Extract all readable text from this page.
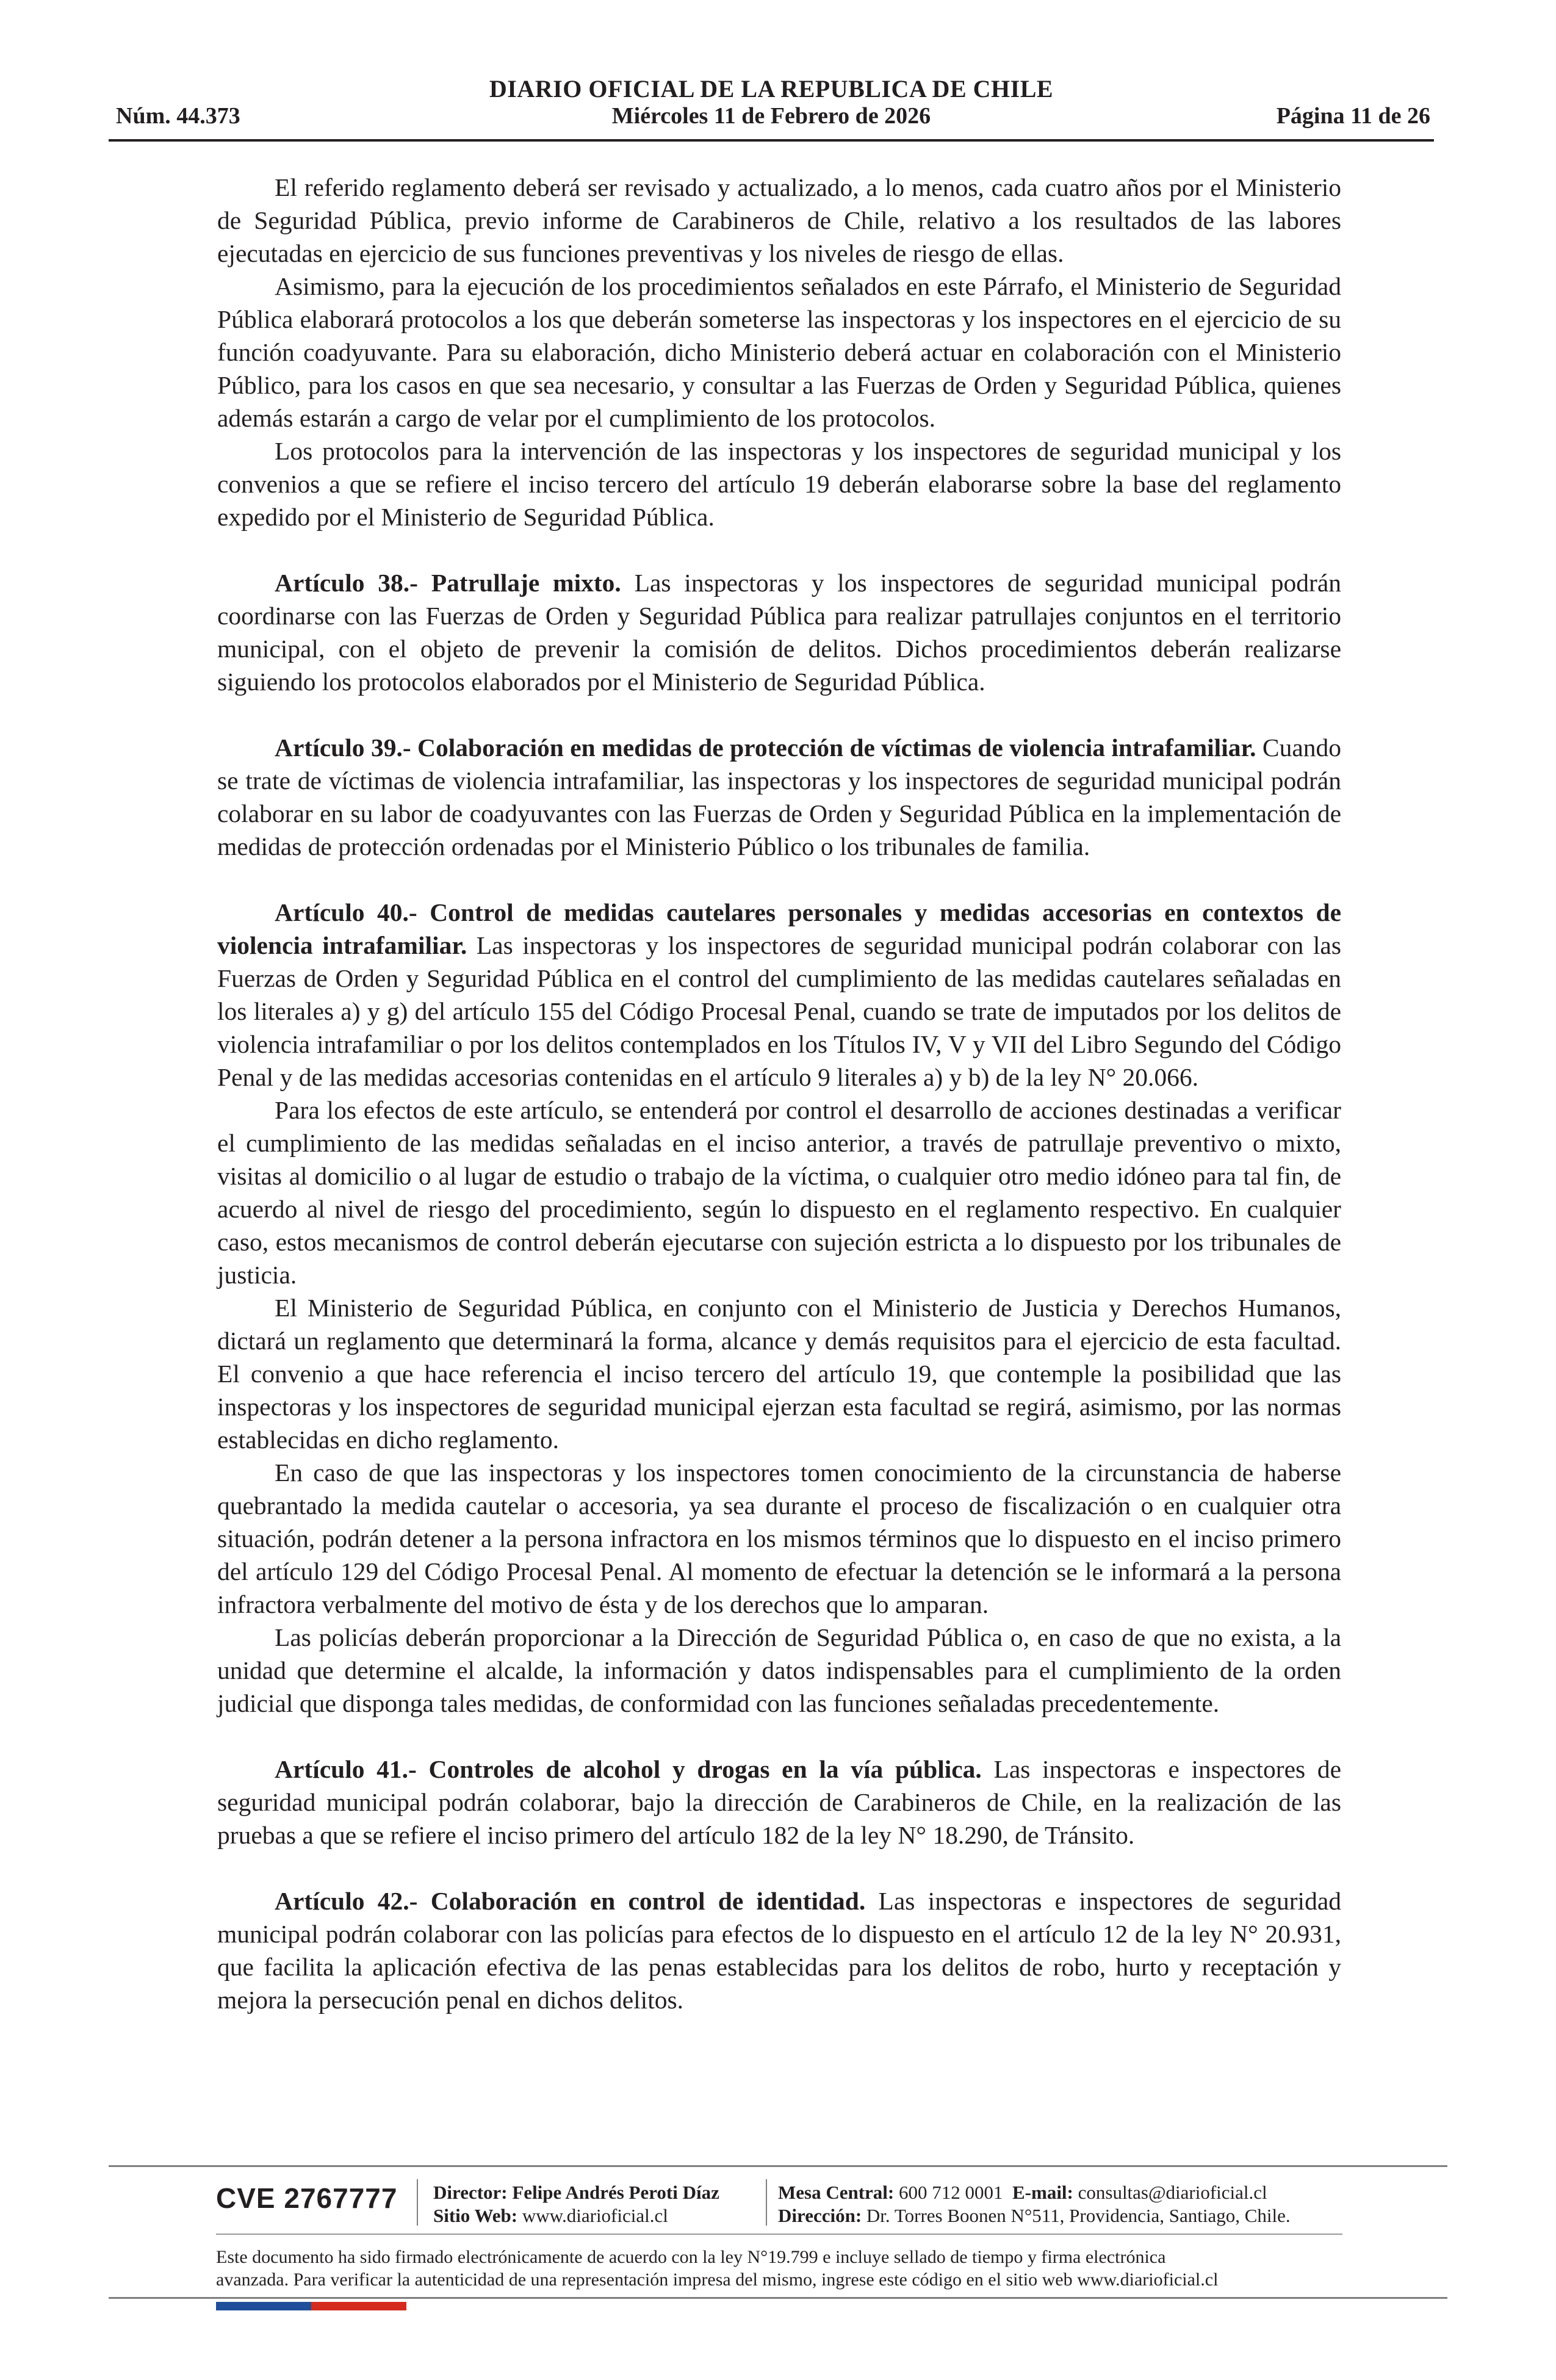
Núm. 44.373
DIARIO OFICIAL DE LA REPUBLICA DE CHILE
Miércoles 11 de Febrero de 2026	Página 11 de 26

El referido reglamento deberá ser revisado y actualizado, a lo menos, cada cuatro años por el Ministerio de Seguridad Pública, previo informe de Carabineros de Chile, relativo a los resultados de las labores ejecutadas en ejercicio de sus funciones preventivas y los niveles de riesgo de ellas.

Asimismo, para la ejecución de los procedimientos señalados en este Párrafo, el Ministerio de Seguridad Pública elaborará protocolos a los que deberán someterse las inspectoras y los inspectores en el ejercicio de su función coadyuvante. Para su elaboración, dicho Ministerio deberá actuar en colaboración con el Ministerio Público, para los casos en que sea necesario, y consultar a las Fuerzas de Orden y Seguridad Pública, quienes además estarán a cargo de velar por el cumplimiento de los protocolos.

Los protocolos para la intervención de las inspectoras y los inspectores de seguridad municipal y los convenios a que se refiere el inciso tercero del artículo 19 deberán elaborarse sobre la base del reglamento expedido por el Ministerio de Seguridad Pública.

Artículo 38.- Patrullaje mixto. Las inspectoras y los inspectores de seguridad municipal podrán coordinarse con las Fuerzas de Orden y Seguridad Pública para realizar patrullajes conjuntos en el territorio municipal, con el objeto de prevenir la comisión de delitos. Dichos procedimientos deberán realizarse siguiendo los protocolos elaborados por el Ministerio de Seguridad Pública.

Artículo 39.- Colaboración en medidas de protección de víctimas de violencia intrafamiliar. Cuando se trate de víctimas de violencia intrafamiliar, las inspectoras y los inspectores de seguridad municipal podrán colaborar en su labor de coadyuvantes con las Fuerzas de Orden y Seguridad Pública en la implementación de medidas de protección ordenadas por el Ministerio Público o los tribunales de familia.

Artículo 40.- Control de medidas cautelares personales y medidas accesorias en contextos de violencia intrafamiliar. Las inspectoras y los inspectores de seguridad municipal podrán colaborar con las Fuerzas de Orden y Seguridad Pública en el control del cumplimiento de las medidas cautelares señaladas en los literales a) y g) del artículo 155 del Código Procesal Penal, cuando se trate de imputados por los delitos de violencia intrafamiliar o por los delitos contemplados en los Títulos IV, V y VII del Libro Segundo del Código Penal y de las medidas accesorias contenidas en el artículo 9 literales a) y b) de la ley N° 20.066.

Para los efectos de este artículo, se entenderá por control el desarrollo de acciones destinadas a verificar el cumplimiento de las medidas señaladas en el inciso anterior, a través de patrullaje preventivo o mixto, visitas al domicilio o al lugar de estudio o trabajo de la víctima, o cualquier otro medio idóneo para tal fin, de acuerdo al nivel de riesgo del procedimiento, según lo dispuesto en el reglamento respectivo. En cualquier caso, estos mecanismos de control deberán ejecutarse con sujeción estricta a lo dispuesto por los tribunales de justicia.

El Ministerio de Seguridad Pública, en conjunto con el Ministerio de Justicia y Derechos Humanos, dictará un reglamento que determinará la forma, alcance y demás requisitos para el ejercicio de esta facultad. El convenio a que hace referencia el inciso tercero del artículo 19, que contemple la posibilidad que las inspectoras y los inspectores de seguridad municipal ejerzan esta facultad se regirá, asimismo, por las normas establecidas en dicho reglamento.

En caso de que las inspectoras y los inspectores tomen conocimiento de la circunstancia de haberse quebrantado la medida cautelar o accesoria, ya sea durante el proceso de fiscalización o en cualquier otra situación, podrán detener a la persona infractora en los mismos términos que lo dispuesto en el inciso primero del artículo 129 del Código Procesal Penal. Al momento de efectuar la detención se le informará a la persona infractora verbalmente del motivo de ésta y de los derechos que lo amparan.

Las policías deberán proporcionar a la Dirección de Seguridad Pública o, en caso de que no exista, a la unidad que determine el alcalde, la información y datos indispensables para el cumplimiento de la orden judicial que disponga tales medidas, de conformidad con las funciones señaladas precedentemente.

Artículo 41.- Controles de alcohol y drogas en la vía pública. Las inspectoras e inspectores de seguridad municipal podrán colaborar, bajo la dirección de Carabineros de Chile, en la realización de las pruebas a que se refiere el inciso primero del artículo 182 de la ley N° 18.290, de Tránsito.

Artículo 42.- Colaboración en control de identidad. Las inspectoras e inspectores de seguridad municipal podrán colaborar con las policías para efectos de lo dispuesto en el artículo 12 de la ley N° 20.931, que facilita la aplicación efectiva de las penas establecidas para los delitos de robo, hurto y receptación y mejora la persecución penal en dichos delitos.

CVE 2767777 Director: Felipe Andrés Peroti Díaz
Sitio Web: www.diarioficial.cl
Mesa Central: 600 712 0001 E-mail: consultas@diarioficial.cl
Dirección: Dr. Torres Boonen N°511, Providencia, Santiago, Chile.
Este documento ha sido firmado electrónicamente de acuerdo con la ley N°19.799 e incluye sellado de tiempo y firma electrónica
avanzada. Para verificar la autenticidad de una representación impresa del mismo, ingrese este código en el sitio web www.diarioficial.cl
